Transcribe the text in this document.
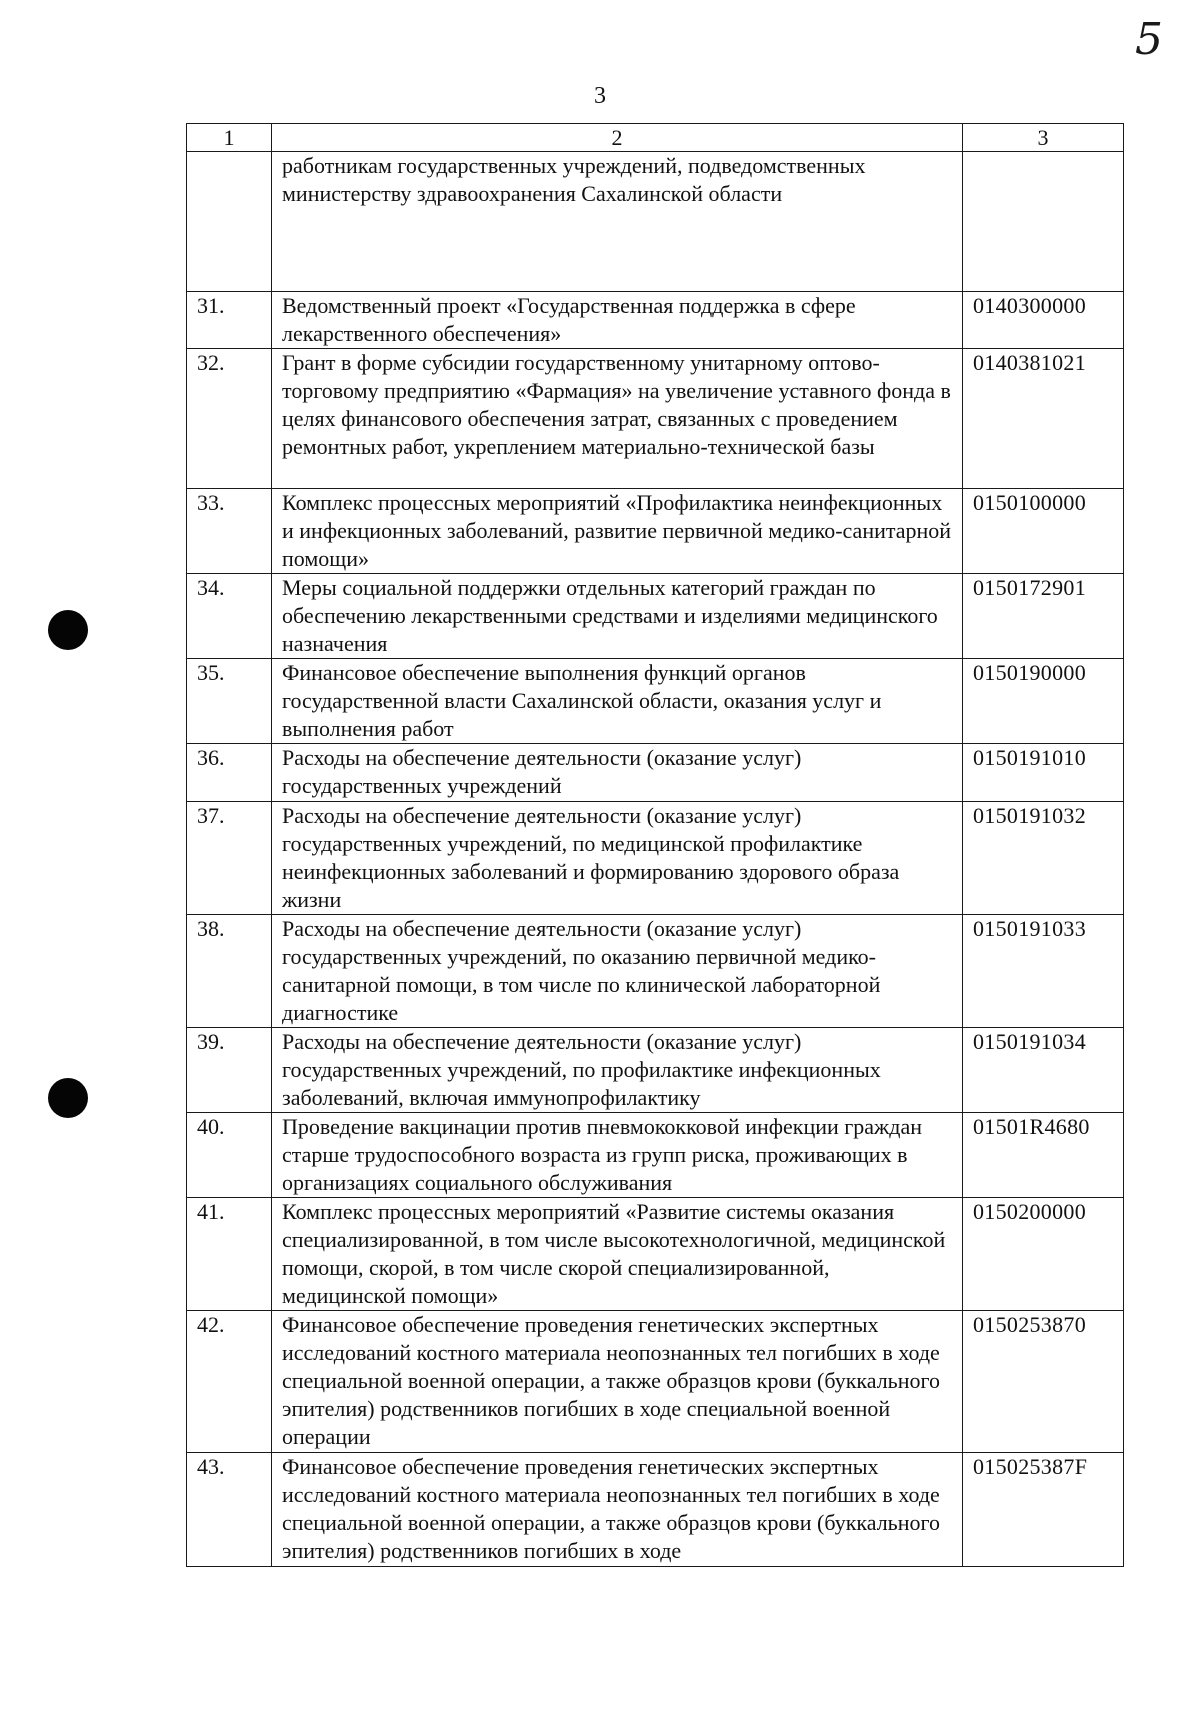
5
3
1	2	3
	работникам государственных учреждений, подведомственных министерству здравоохранения Сахалинской области	
31.	Ведомственный проект «Государственная поддержка в сфере лекарственного обеспечения»	0140300000
32.	Грант в форме субсидии государственному унитарному оптово-торговому предприятию «Фармация» на увеличение уставного фонда в целях финансового обеспечения затрат, связанных с проведением ремонтных работ, укреплением материально-технической базы	0140381021
33.	Комплекс процессных мероприятий «Профилактика неинфекционных и инфекционных заболеваний, развитие первичной медико-санитарной помощи»	0150100000
34.	Меры социальной поддержки отдельных категорий граждан по обеспечению лекарственными средствами и изделиями медицинского назначения	0150172901
35.	Финансовое обеспечение выполнения функций органов государственной власти Сахалинской области, оказания услуг и выполнения работ	0150190000
36.	Расходы на обеспечение деятельности (оказание услуг) государственных учреждений	0150191010
37.	Расходы на обеспечение деятельности (оказание услуг) государственных учреждений, по медицинской профилактике неинфекционных заболеваний и формированию здорового образа жизни	0150191032
38.	Расходы на обеспечение деятельности (оказание услуг) государственных учреждений, по оказанию первичной медико-санитарной помощи, в том числе по клинической лабораторной диагностике	0150191033
39.	Расходы на обеспечение деятельности (оказание услуг) государственных учреждений, по профилактике инфекционных заболеваний, включая иммунопрофилактику	0150191034
40.	Проведение вакцинации против пневмококковой инфекции граждан старше трудоспособного возраста из групп риска, проживающих в организациях социального обслуживания	01501R4680
41.	Комплекс процессных мероприятий «Развитие системы оказания специализированной, в том числе высокотехнологичной, медицинской помощи, скорой, в том числе скорой специализированной, медицинской помощи»	0150200000
42.	Финансовое обеспечение проведения генетических экспертных исследований костного материала неопознанных тел погибших в ходе специальной военной операции, а также образцов крови (буккального эпителия) родственников погибших в ходе специальной военной операции	0150253870
43.	Финансовое обеспечение проведения генетических экспертных исследований костного материала неопознанных тел погибших в ходе специальной военной операции, а также образцов крови (буккального эпителия) родственников погибших в ходе	015025387F
